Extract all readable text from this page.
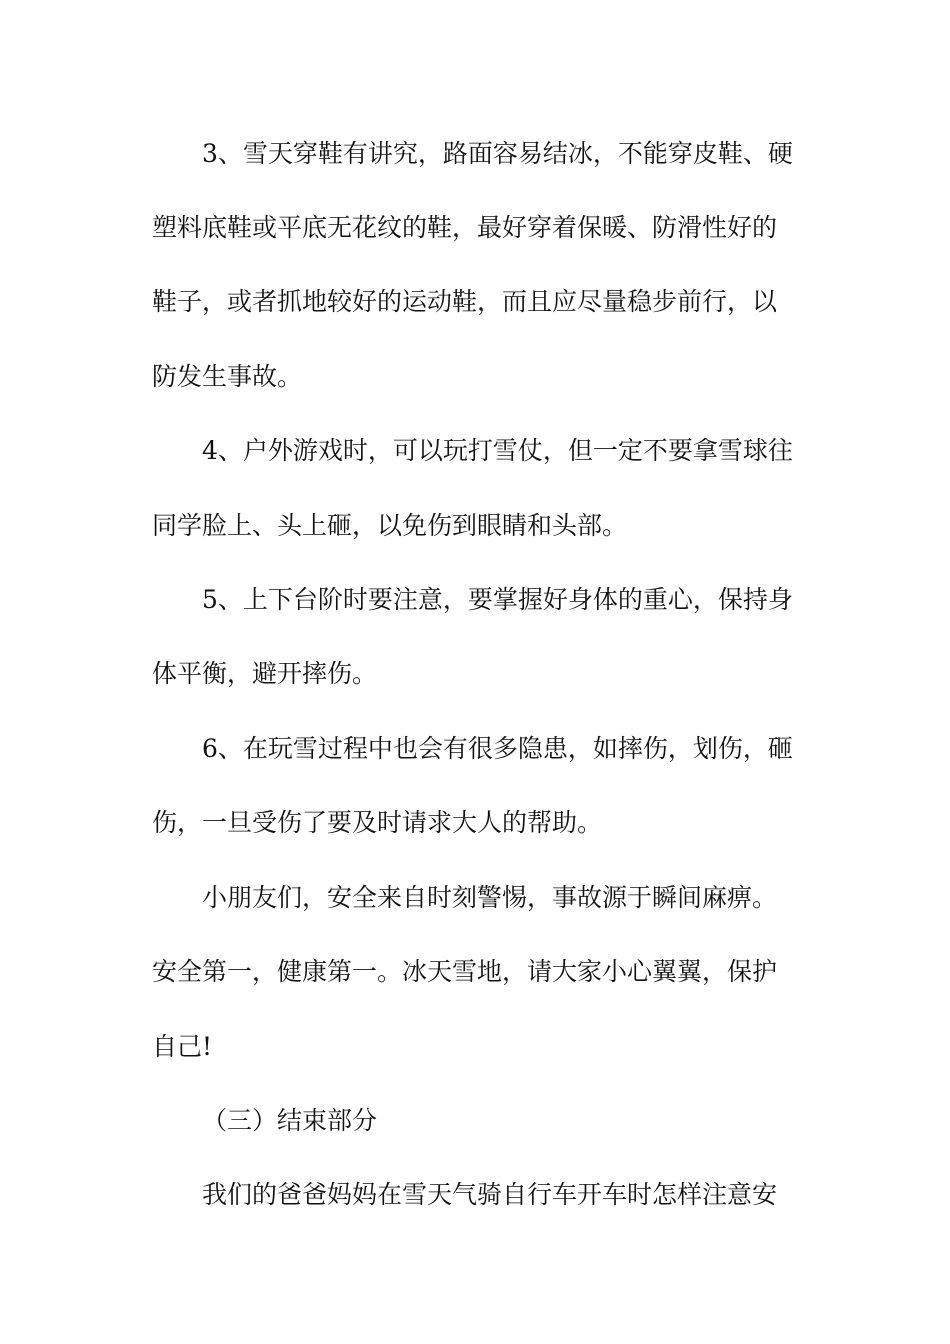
3、雪天穿鞋有讲究，路面容易结冰，不能穿皮鞋、硬
塑料底鞋或平底无花纹的鞋，最好穿着保暖、防滑性好的
鞋子，或者抓地较好的运动鞋，而且应尽量稳步前行，以
防发生事故。
4、户外游戏时，可以玩打雪仗，但一定不要拿雪球往
同学脸上、头上砸，以免伤到眼睛和头部。
5、上下台阶时要注意，要掌握好身体的重心，保持身
体平衡，避开摔伤。
6、在玩雪过程中也会有很多隐患，如摔伤，划伤，砸
伤，一旦受伤了要及时请求大人的帮助。
小朋友们，安全来自时刻警惕，事故源于瞬间麻痹。
安全第一，健康第一。冰天雪地，请大家小心翼翼，保护
自己!
（三）结束部分
我们的爸爸妈妈在雪天气骑自行车开车时怎样注意安
